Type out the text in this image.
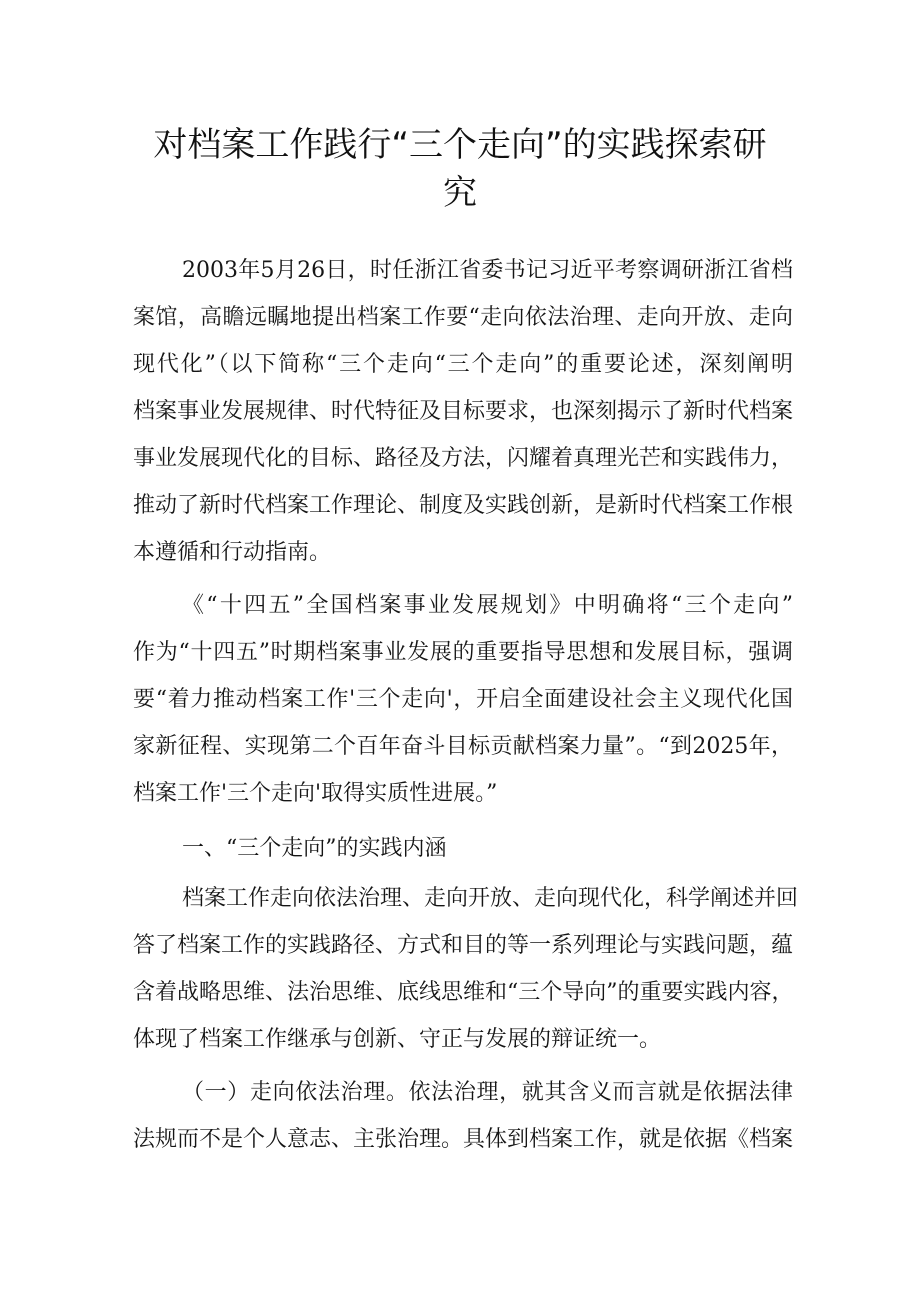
对档案工作践行“三个走向”的实践探索研
究
2003年5月26日，时任浙江省委书记习近平考察调研浙江省档
案馆，高瞻远瞩地提出档案工作要“走向依法治理、走向开放、走向
现代化”（以下简称“三个走向“三个走向”的重要论述，深刻阐明
档案事业发展规律、时代特征及目标要求，也深刻揭示了新时代档案
事业发展现代化的目标、路径及方法，闪耀着真理光芒和实践伟力，
推动了新时代档案工作理论、制度及实践创新，是新时代档案工作根
本遵循和行动指南。
《“十四五”全国档案事业发展规划》中明确将“三个走向”
作为“十四五”时期档案事业发展的重要指导思想和发展目标，强调
要“着力推动档案工作'三个走向'，开启全面建设社会主义现代化国
家新征程、实现第二个百年奋斗目标贡献档案力量”。“到2025年，
档案工作'三个走向'取得实质性进展。”
一、“三个走向”的实践内涵
档案工作走向依法治理、走向开放、走向现代化，科学阐述并回
答了档案工作的实践路径、方式和目的等一系列理论与实践问题，蕴
含着战略思维、法治思维、底线思维和“三个导向”的重要实践内容，
体现了档案工作继承与创新、守正与发展的辩证统一。
（一）走向依法治理。依法治理，就其含义而言就是依据法律
法规而不是个人意志、主张治理。具体到档案工作，就是依据《档案
